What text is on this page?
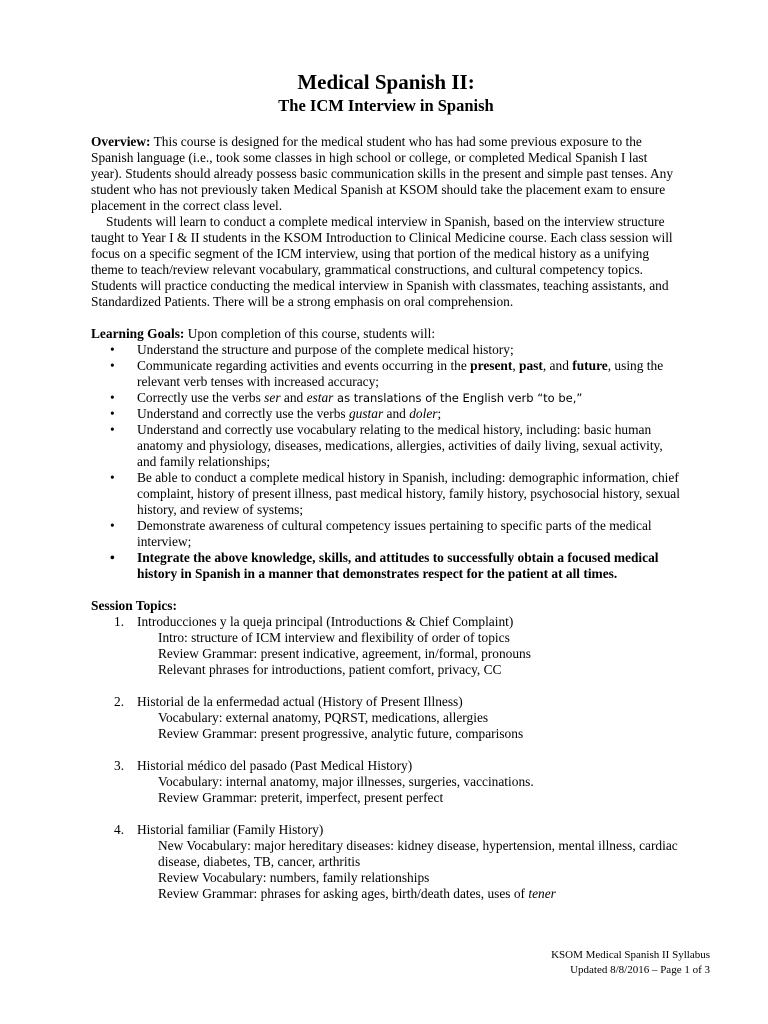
Medical Spanish II:
The ICM Interview in Spanish

Overview: This course is designed for the medical student who has had some previous exposure to the Spanish language (i.e., took some classes in high school or college, or completed Medical Spanish I last year). Students should already possess basic communication skills in the present and simple past tenses. Any student who has not previously taken Medical Spanish at KSOM should take the placement exam to ensure placement in the correct class level.

Students will learn to conduct a complete medical interview in Spanish, based on the interview structure taught to Year I & II students in the KSOM Introduction to Clinical Medicine course. Each class session will focus on a specific segment of the ICM interview, using that portion of the medical history as a unifying theme to teach/review relevant vocabulary, grammatical constructions, and cultural competency topics. Students will practice conducting the medical interview in Spanish with classmates, teaching assistants, and Standardized Patients. There will be a strong emphasis on oral comprehension.

Learning Goals: Upon completion of this course, students will:

• Understand the structure and purpose of the complete medical history;
• Communicate regarding activities and events occurring in the present, past, and future, using the relevant verb tenses with increased accuracy;
• Correctly use the verbs ser and estar as translations of the English verb “to be,”
• Understand and correctly use the verbs gustar and doler;
• Understand and correctly use vocabulary relating to the medical history, including: basic human anatomy and physiology, diseases, medications, allergies, activities of daily living, sexual activity, and family relationships;
• Be able to conduct a complete medical history in Spanish, including: demographic information, chief complaint, history of present illness, past medical history, family history, psychosocial history, sexual history, and review of systems;
• Demonstrate awareness of cultural competency issues pertaining to specific parts of the medical interview;
• Integrate the above knowledge, skills, and attitudes to successfully obtain a focused medical history in Spanish in a manner that demonstrates respect for the patient at all times.

Session Topics:

1. Introducciones y la queja principal (Introductions & Chief Complaint)
Intro: structure of ICM interview and flexibility of order of topics
Review Grammar: present indicative, agreement, in/formal, pronouns
Relevant phrases for introductions, patient comfort, privacy, CC
2. Historial de la enfermedad actual (History of Present Illness)
Vocabulary: external anatomy, PQRST, medications, allergies
Review Grammar: present progressive, analytic future, comparisons
3. Historial médico del pasado (Past Medical History)
Vocabulary: internal anatomy, major illnesses, surgeries, vaccinations.
Review Grammar: preterit, imperfect, present perfect
4. Historial familiar (Family History)
New Vocabulary: major hereditary diseases: kidney disease, hypertension, mental illness, cardiac disease, diabetes, TB, cancer, arthritis
Review Vocabulary: numbers, family relationships
Review Grammar: phrases for asking ages, birth/death dates, uses of tener
KSOM Medical Spanish II Syllabus
Updated 8/8/2016 – Page 1 of 3
